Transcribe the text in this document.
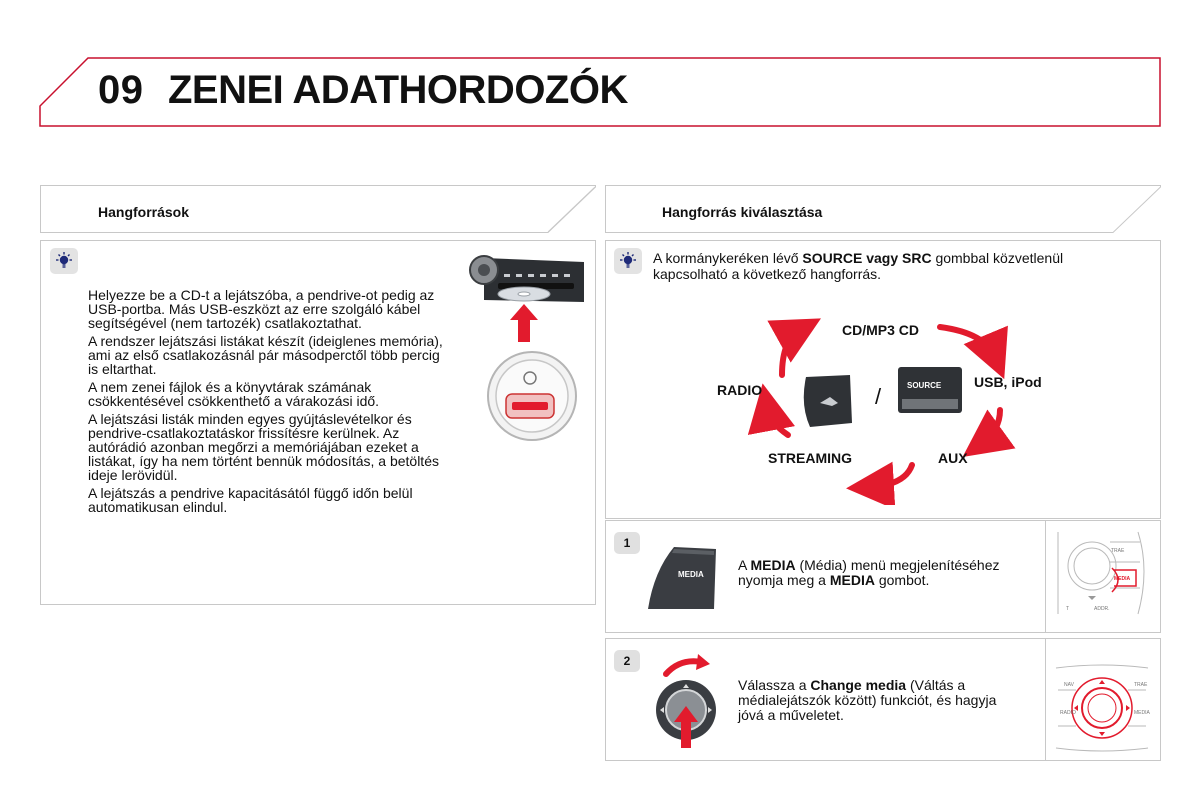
09 ZENEI ADATHORDOZÓK
Hangforrások

Helyezze be a CD-t a lejátszóba, a pendrive-ot pedig az USB-portba. Más USB-eszközt az erre szolgáló kábel segítségével (nem tartozék) csatlakoztathat.

A rendszer lejátszási listákat készít (ideiglenes memória), ami az első csatlakozásnál pár másodperctől több percig is eltarthat.

A nem zenei fájlok és a könyvtárak számának csökkentésével csökkenthető a várakozási idő.

A lejátszási listák minden egyes gyújtáslevételkor és pendrive-csatlakoztatáskor frissítésre kerülnek. Az autórádió azonban megőrzi a memóriájában ezeket a listákat, így ha nem történt bennük módosítás, a betöltés ideje lerövidül.

A lejátszás a pendrive kapacitásától függő időn belül automatikusan elindul.

Hangforrás kiválasztása
A kormánykeréken lévő SOURCE vagy SRC gombbal közvetlenül kapcsolható a következő hangforrás.
CD/MP3 CD
USB, iPod
AUX
STREAMING
RADIO	/	SOURCE
1
MEDIA
A MEDIA (Média) menü megjelenítéséhez nyomja meg a MEDIA gombot.
TRAE
MEDIA
T	ADDR.
2
Válassza a Change media (Váltás a médialejátszók között) funkciót, és hagyja jóvá a műveletet.
NAV	TRAE
RADIO	MEDIA
